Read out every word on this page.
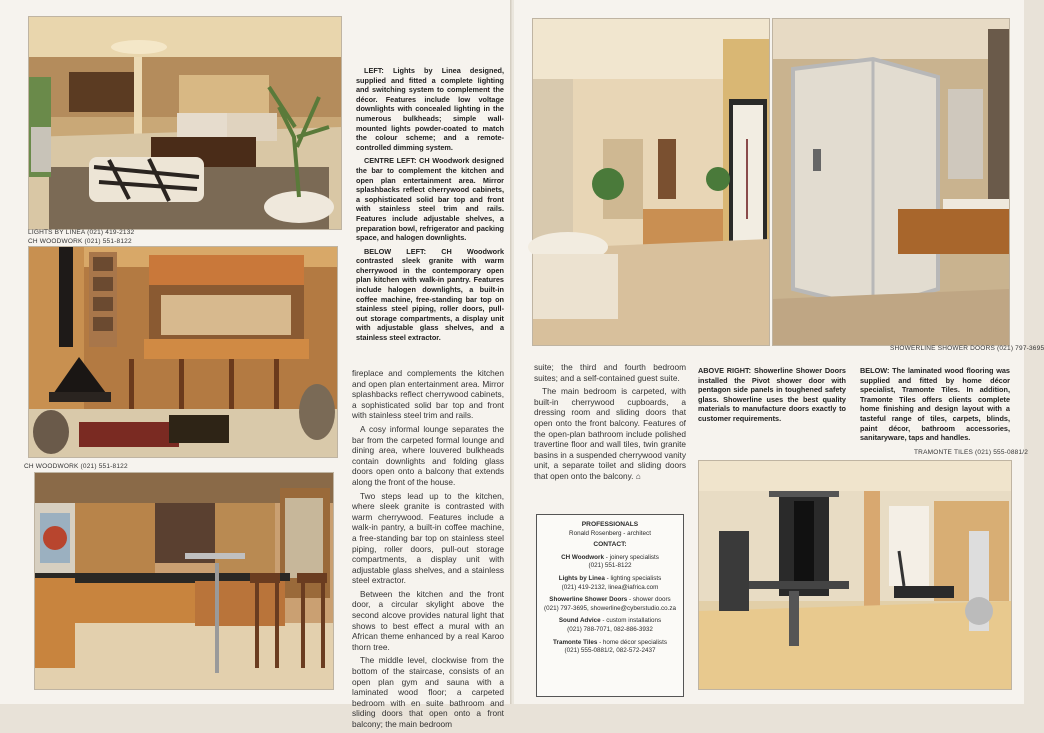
LIGHTS BY LINEA (021) 419-2132
CH WOODWORK (021) 551-8122
CH WOODWORK (021) 551-8122

LEFT: Lights by Linea designed, supplied and fitted a complete lighting and switching system to complement the décor. Features include low voltage downlights with concealed lighting in the numerous bulkheads; simple wall-mounted lights powder-coated to match the colour scheme; and a remote-controlled dimming system.

CENTRE LEFT: CH Woodwork designed the bar to complement the kitchen and open plan entertainment area. Mirror splashbacks reflect cherrywood cabinets, a sophisticated solid bar top and front with stainless steel trim and rails. Features include adjustable shelves, a preparation bowl, refrigerator and packing space, and halogen downlights.

BELOW LEFT: CH Woodwork contrasted sleek granite with warm cherrywood in the contemporary open plan kitchen with walk-in pantry. Features include halogen downlights, a built-in coffee machine, free-standing bar top on stainless steel piping, roller doors, pull-out storage compartments, a display unit with adjustable glass shelves, and a stainless steel extractor.

fireplace and complements the kitchen and open plan entertainment area. Mirror splashbacks reflect cherrywood cabinets, a sophisticated solid bar top and front with stainless steel trim and rails.

A cosy informal lounge separates the bar from the carpeted formal lounge and dining area, where louvered bulkheads contain downlights and folding glass doors open onto a balcony that extends along the front of the house.

Two steps lead up to the kitchen, where sleek granite is contrasted with warm cherrywood. Features include a walk-in pantry, a built-in coffee machine, a free-standing bar top on stainless steel piping, roller doors, pull-out storage compartments, a display unit with adjustable glass shelves, and a stainless steel extractor.

Between the kitchen and the front door, a circular skylight above the second alcove provides natural light that shows to best effect a mural with an African theme enhanced by a real Karoo thorn tree.

The middle level, clockwise from the bottom of the staircase, consists of an open plan gym and sauna with a laminated wood floor; a carpeted bedroom with en suite bathroom and sliding doors that open onto a front balcony; the main bedroom

SHOWERLINE SHOWER DOORS (021) 797-3695

suite; the third and fourth bedroom suites; and a self-contained guest suite.

The main bedroom is carpeted, with built-in cherrywood cupboards, a dressing room and sliding doors that open onto the front balcony. Features of the open-plan bathroom include polished travertine floor and wall tiles, twin granite basins in a suspended cherrywood vanity unit, a separate toilet and sliding doors that open onto the balcony. ⌂

ABOVE RIGHT: Showerline Shower Doors installed the Pivot shower door with pentagon side panels in toughened safety glass. Showerline uses the best quality materials to manufacture doors exactly to customer requirements.
BELOW: The laminated wood flooring was supplied and fitted by home décor specialist, Tramonte Tiles. In addition, Tramonte Tiles offers clients complete home finishing and design layout with a tasteful range of tiles, carpets, blinds, paint décor, bathroom accessories, sanitaryware, taps and handles.
PROFESSIONALS
Ronald Rosenberg - architect
CONTACT:
CH Woodwork - joinery specialists
(021) 551-8122
Lights by Linea - lighting specialists
(021) 419-2132, linea@iafrica.com
Showerline Shower Doors - shower doors
(021) 797-3695, showerline@cyberstudio.co.za
Sound Advice - custom installations
(021) 788-7071, 082-886-3932
Tramonte Tiles - home décor specialists
(021) 555-0881/2, 082-572-2437
TRAMONTE TILES (021) 555-0881/2
